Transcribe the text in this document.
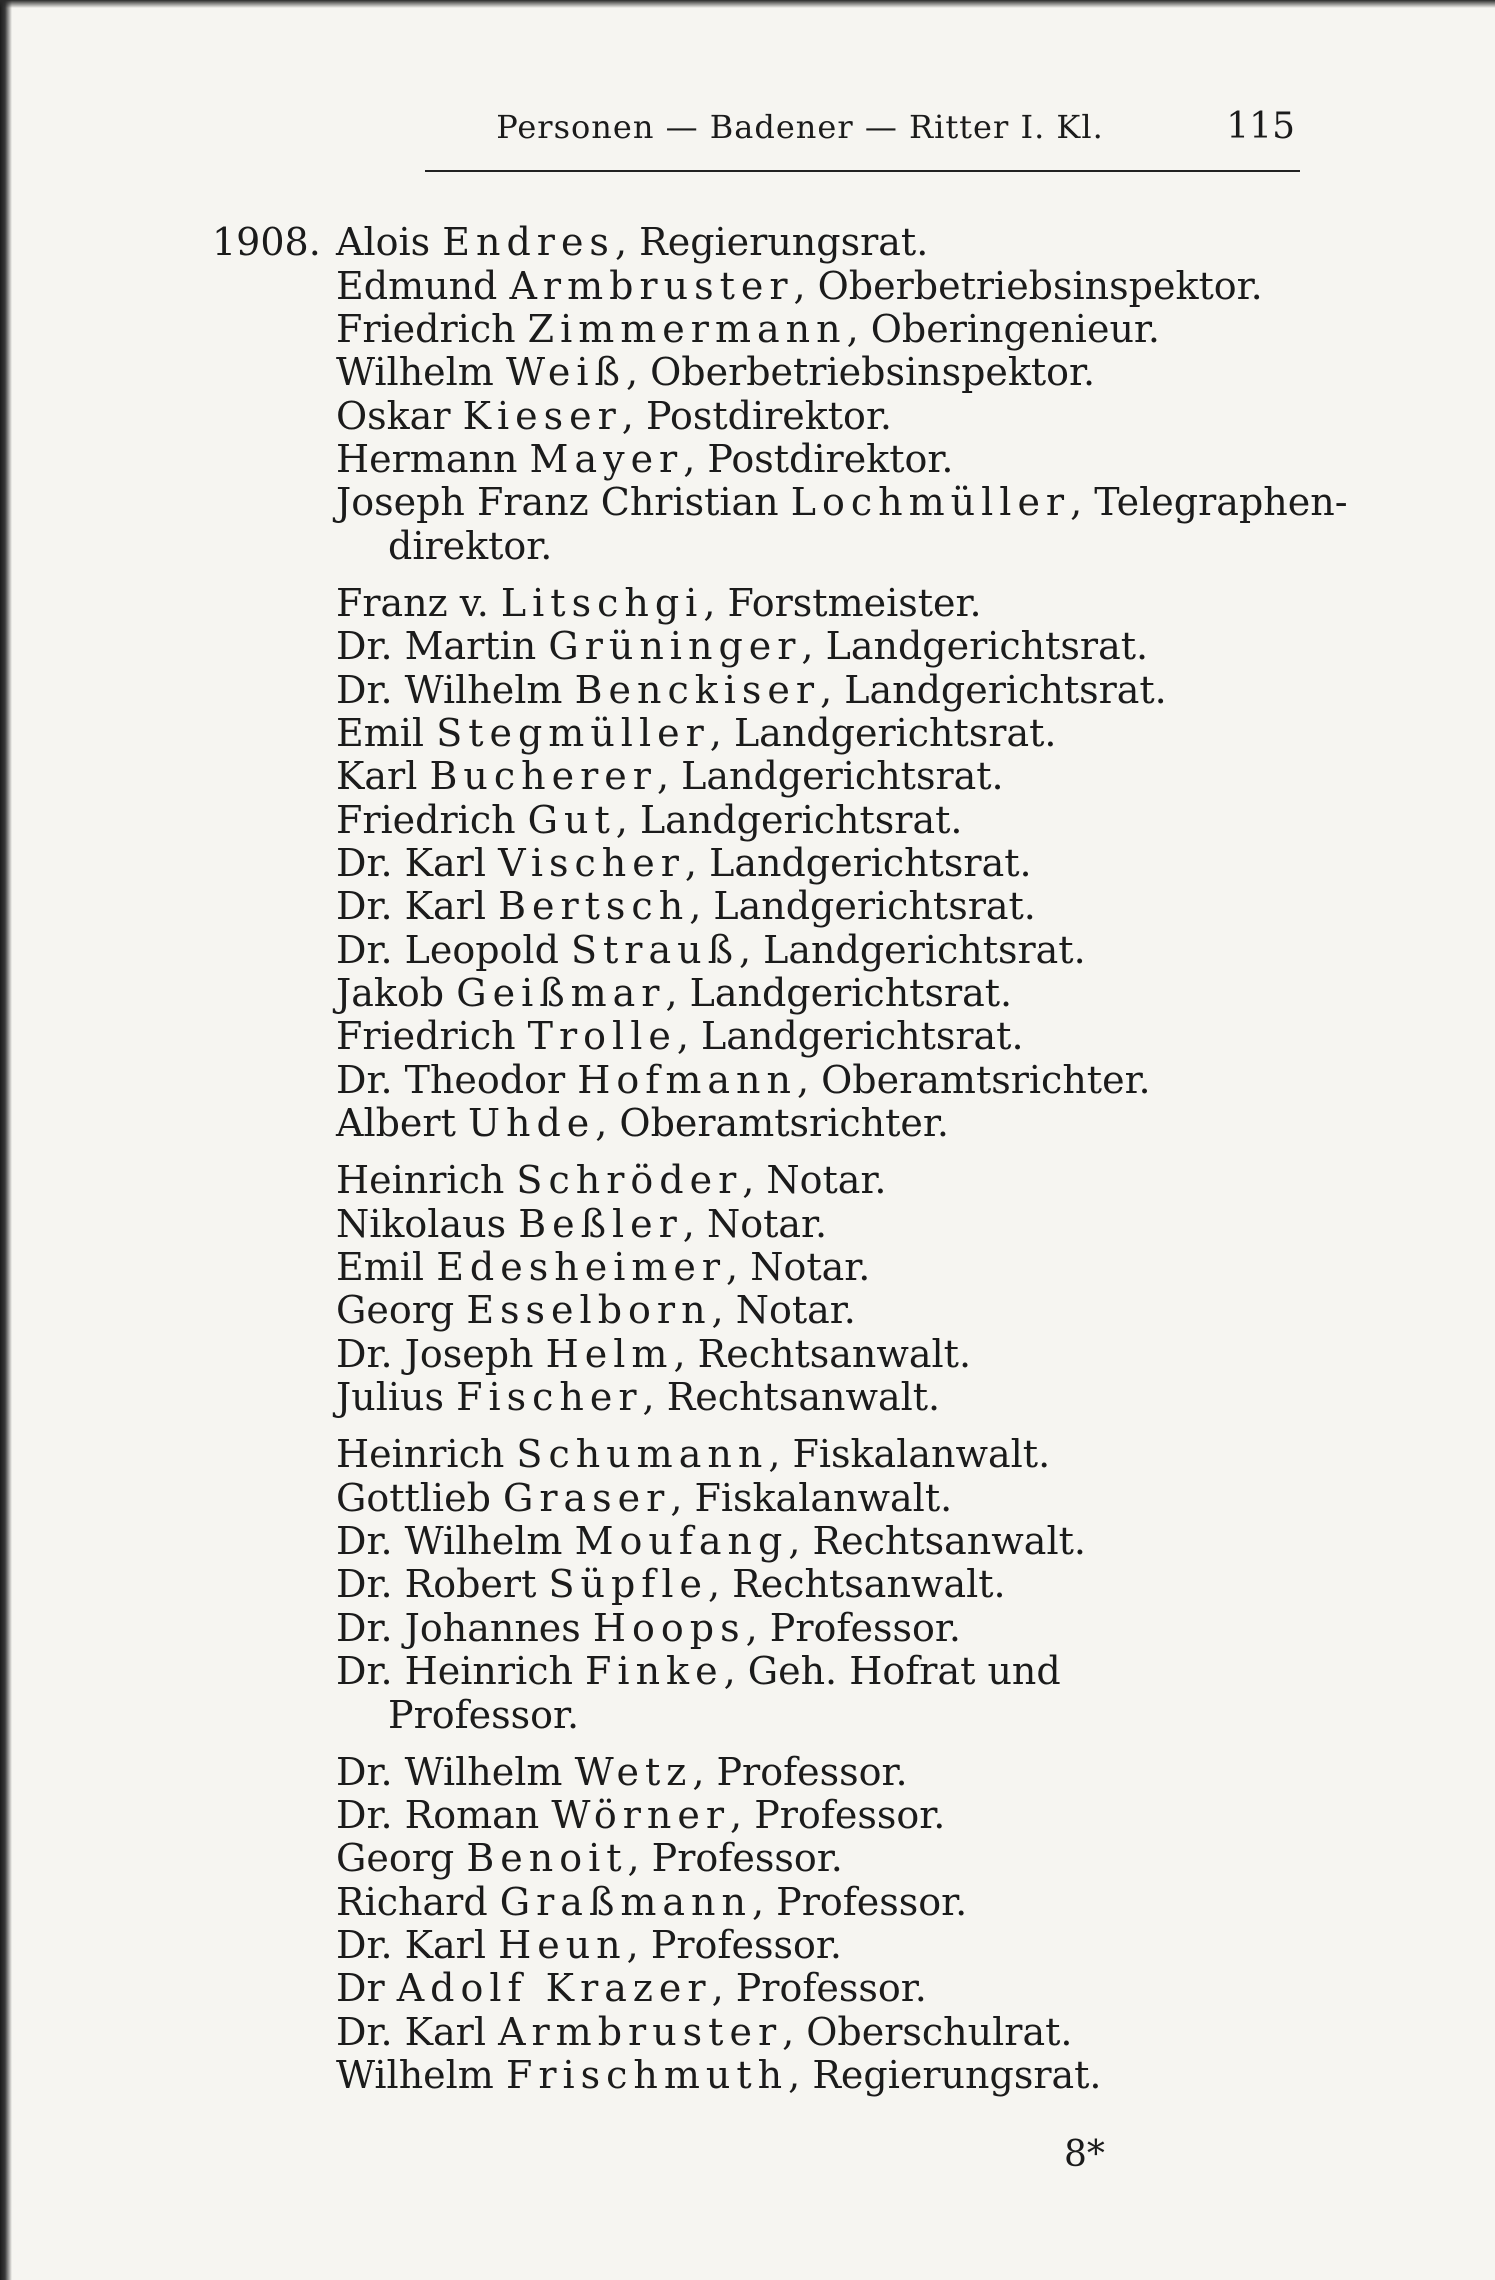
Personen — Badener — Ritter I. Kl.	115
1908. Alois Endres, Regierungsrat.
Edmund Armbruster, Oberbetriebsinspektor.
Friedrich Zimmermann, Oberingenieur.
Wilhelm Weiß, Oberbetriebsinspektor.
Oskar Kieser, Postdirektor.
Hermann Mayer, Postdirektor.
Joseph Franz Christian Lochmüller, Telegraphen-
direktor.
Franz v. Litschgi, Forstmeister.
Dr. Martin Grüninger, Landgerichtsrat.
Dr. Wilhelm Benckiser, Landgerichtsrat.
Emil Stegmüller, Landgerichtsrat.
Karl Bucherer, Landgerichtsrat.
Friedrich Gut, Landgerichtsrat.
Dr. Karl Vischer, Landgerichtsrat.
Dr. Karl Bertsch, Landgerichtsrat.
Dr. Leopold Strauß, Landgerichtsrat.
Jakob Geißmar, Landgerichtsrat.
Friedrich Trolle, Landgerichtsrat.
Dr. Theodor Hofmann, Oberamtsrichter.
Albert Uhde, Oberamtsrichter.
Heinrich Schröder, Notar.
Nikolaus Beßler, Notar.
Emil Edesheimer, Notar.
Georg Esselborn, Notar.
Dr. Joseph Helm, Rechtsanwalt.
Julius Fischer, Rechtsanwalt.
Heinrich Schumann, Fiskalanwalt.
Gottlieb Graser, Fiskalanwalt.
Dr. Wilhelm Moufang, Rechtsanwalt.
Dr. Robert Süpfle, Rechtsanwalt.
Dr. Johannes Hoops, Professor.
Dr. Heinrich Finke, Geh. Hofrat und
Professor.
Dr. Wilhelm Wetz, Professor.
Dr. Roman Wörner, Professor.
Georg Benoit, Professor.
Richard Graßmann, Professor.
Dr. Karl Heun, Professor.
Dr Adolf Krazer, Professor.
Dr. Karl Armbruster, Oberschulrat.
Wilhelm Frischmuth, Regierungsrat.
8*
